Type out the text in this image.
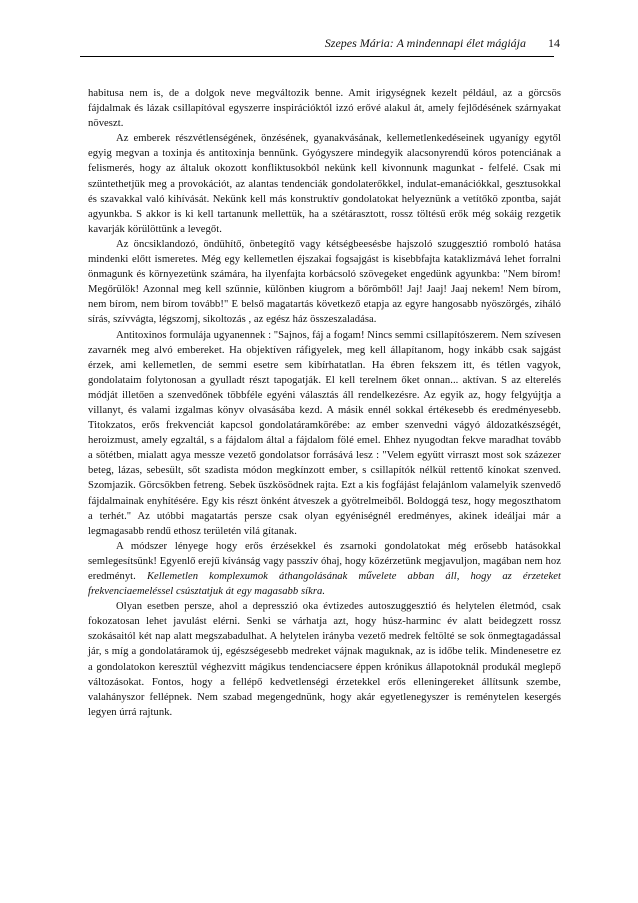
Szepes Mária: A mindennapi élet mágiája 14

habitusa nem is, de a dolgok neve megváltozik benne. Amit irigységnek kezelt például, az a görcsös fájdalmak és lázak csillapítóval egyszerre inspirációktól izzó erővé alakul át, amely fejlődésének szárnyakat növeszt.

Az emberek részvétlenségének, önzésének, gyanakvásának, kellemetlenkedéseinek ugyanígy egytől egyig megvan a toxinja és antitoxinja bennünk. Gyógyszere mindegyik alacsonyrendű kóros potenciának a felismerés, hogy az általuk okozott konfliktusokból nekünk kell kivonnunk magunkat - felfelé. Csak mi szüntethetjük meg a provokációt, az alantas tendenciák gondolaterőkkel, indulat-emanációkkal, gesztusokkal és szavakkal való kihívását. Nekünk kell más konstruktív gondolatokat helyeznünk a vetítőkö zpontba, saját agyunkba. S akkor is ki kell tartanunk mellettük, ha a szétárasztott, rossz töltésű erők még sokáig rezgetik kavarják körülöttünk a levegőt.

Az öncsiklandozó, öndühítő, önbetegítő vagy kétségbeesésbe hajszoló szuggesztió romboló hatása mindenki előtt ismeretes. Még egy kellemetlen éjszakai fogsajgást is kisebbfajta kataklizmává lehet forralni önmagunk és környezetünk számára, ha ilyenfajta korbácsoló szövegeket engedünk agyunkba: "Nem bírom! Megőrülök! Azonnal meg kell szűnnie, különben kiugrom a bőrömből! Jaj! Jaaj! Jaaj nekem! Nem bírom, nem bírom, nem bírom tovább!" E belső magatartás következő etapja az egyre hangosabb nyöszörgés, ziháló sírás, szívvágta, légszomj, sikoltozás , az egész ház összeszaladása.

Antitoxinos formulája ugyanennek : "Sajnos, fáj a fogam! Nincs semmi csillapítószerem. Nem szívesen zavarnék meg alvó embereket. Ha objektíven ráfigyelek, meg kell állapítanom, hogy inkább csak sajgást érzek, ami kellemetlen, de semmi esetre sem kibírhatatlan. Ha ébren fekszem itt, és tétlen vagyok, gondolataim folytonosan a gyulladt részt tapogatják. El kell terelnem őket onnan... aktívan. S az elterelés módját illetően a szenvedőnek többféle egyéni választás áll rendelkezésre. Az egyik az, hogy felgyújtja a villanyt, és valami izgalmas könyv olvasásába kezd. A másik ennél sokkal értékesebb és eredményesebb. Titokzatos, erős frekvenciát kapcsol gondolatáramkörébe: az ember szenvedni vágyó áldozatkészségét, heroizmust, amely egzaltál, s a fájdalom által a fájdalom fölé emel. Ehhez nyugodtan fekve maradhat tovább a sötétben, mialatt agya messze vezető gondolatsor forrásává lesz : "Velem együtt virraszt most sok százezer beteg, lázas, sebesült, sőt szadista módon megkínzott ember, s csillapítók nélkül rettentő kínokat szenved. Szomjazik. Görcsökben fetreng. Sebek üszkösödnek rajta. Ezt a kis fogfájást felajánlom valamelyik szenvedő fájdalmainak enyhítésére. Egy kis részt önként átveszek a gyötrelmeiből. Boldoggá tesz, hogy megoszthatom a terhét." Az utóbbi magatartás persze csak olyan egyéniségnél eredményes, akinek ideáljai már a legmagasabb rendű ethosz területén vilá gítanak.

A módszer lényege hogy erős érzésekkel és zsarnoki gondolatokat még erősebb hatásokkal semlegesítsünk! Egyenlő erejű kívánság vagy passzív óhaj, hogy közérzetünk megjavuljon, magában nem hoz eredményt. Kellemetlen komplexumok áthangolásának művelete abban áll, hogy az érzeteket frekvenciaemeléssel csúsztatjuk át egy magasabb síkra.

Olyan esetben persze, ahol a depresszió oka évtizedes autoszuggesztió és helytelen életmód, csak fokozatosan lehet javulást elérni. Senki se várhatja azt, hogy húsz-harminc év alatt beidegzett rossz szokásaitól két nap alatt megszabadulhat. A helytelen irányba vezető medrek feltölté se sok önmegtagadással jár, s míg a gondolatáramok új, egészségesebb medreket vájnak maguknak, az is időbe telik. Mindenesetre ez a gondolatokon keresztül véghezvitt mágikus tendenciacsere éppen krónikus állapotoknál produkál meglepő változásokat. Fontos, hogy a fellépő kedvetlenségi érzetekkel erős elleningereket állítsunk szembe, valahányszor fellépnek. Nem szabad megengednünk, hogy akár egyetlenegyszer is reménytelen kesergés legyen úrrá rajtunk.
